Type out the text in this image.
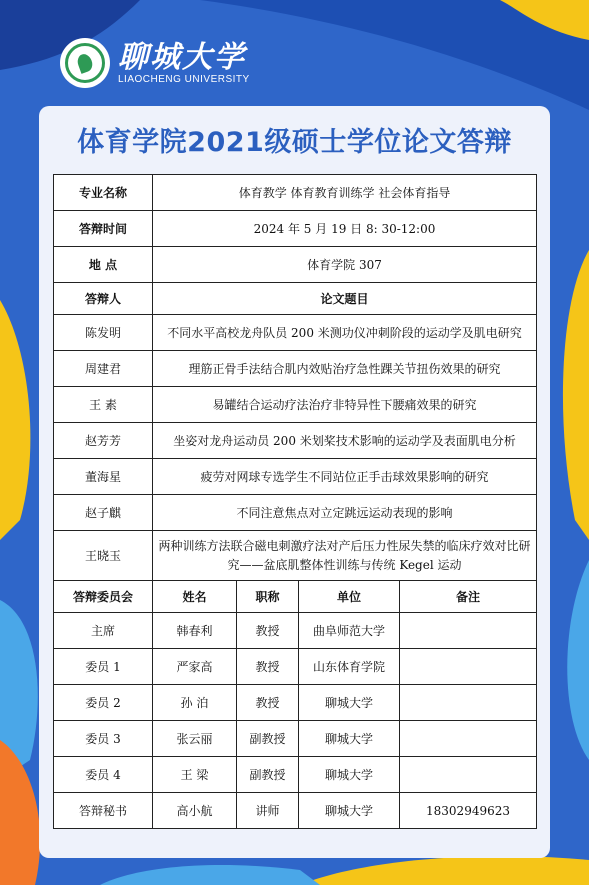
聊城大学
LIAOCHENG UNIVERSITY
体育学院2021级硕士学位论文答辩
专业名称	体育教学 体育教育训练学 社会体育指导			
答辩时间	2024 年 5 月 19 日 8: 30-12:00			
地 点	体育学院 307			
答辩人	论文题目			
陈发明	不同水平高校龙舟队员 200 米测功仪冲刺阶段的运动学及肌电研究			
周建君	理筋正骨手法结合肌内效贴治疗急性踝关节扭伤效果的研究			
王 素	易罐结合运动疗法治疗非特异性下腰痛效果的研究			
赵芳芳	坐姿对龙舟运动员 200 米划桨技术影响的运动学及表面肌电分析			
董海星	疲劳对网球专选学生不同站位正手击球效果影响的研究			
赵子麒	不同注意焦点对立定跳远运动表现的影响			
王晓玉	两种训练方法联合磁电刺激疗法对产后压力性尿失禁的临床疗效对比研究——盆底肌整体性训练与传统 Kegel 运动			
答辩委员会	姓名	职称	单位	备注
主席	韩春利	教授	曲阜师范大学	
委员 1	严家高	教授	山东体育学院	
委员 2	孙 泊	教授	聊城大学	
委员 3	张云丽	副教授	聊城大学	
委员 4	王 梁	副教授	聊城大学	
答辩秘书	高小航	讲师	聊城大学	18302949623
